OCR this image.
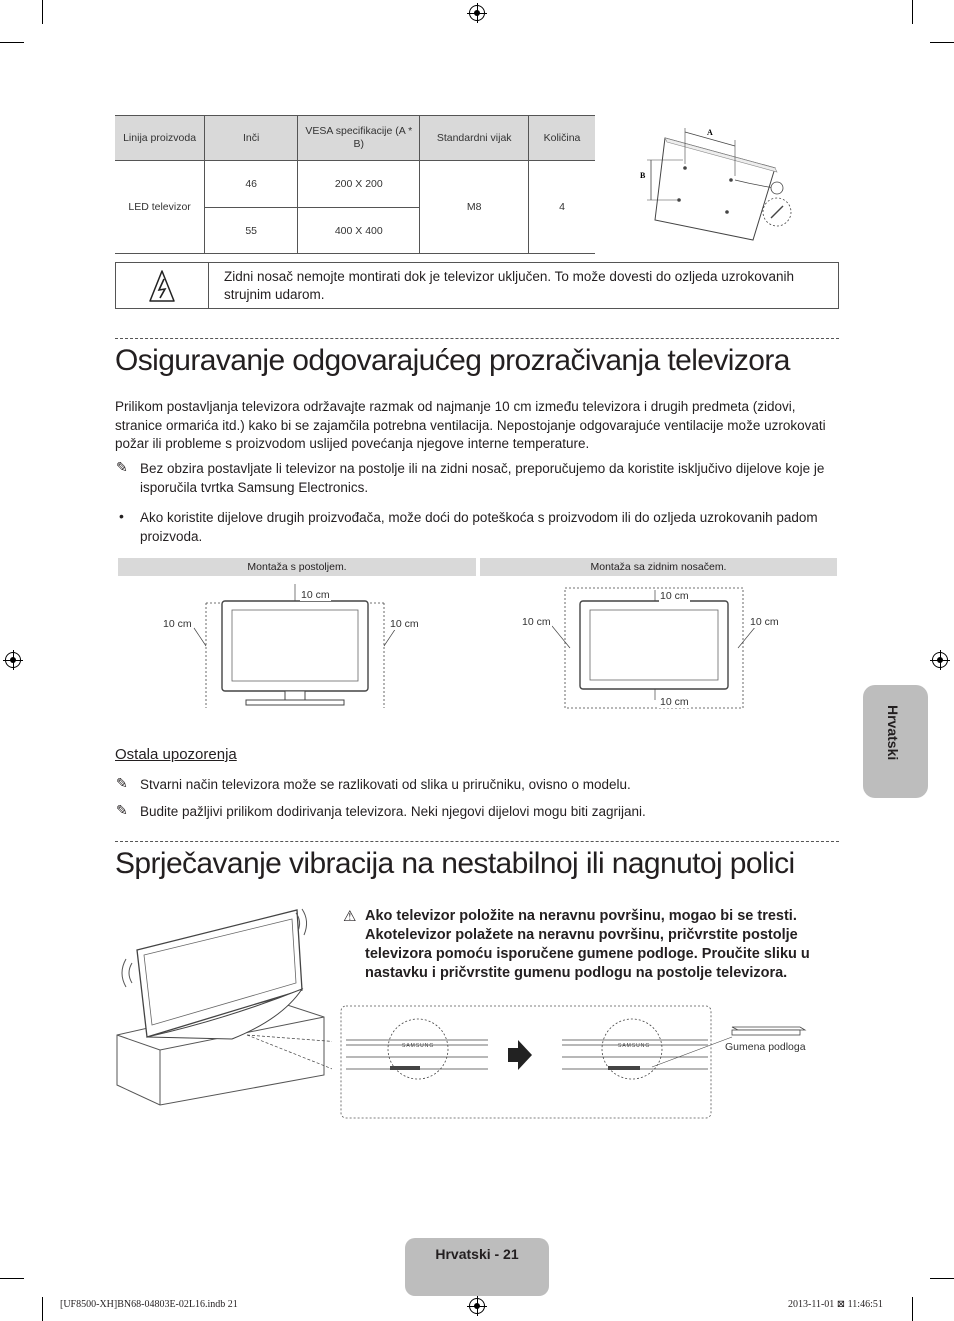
Linija proizvoda	Inči	VESA specifikacije (A * B)	Standardni vijak	Količina
LED televizor	46	200 X 200	M8	4
	55	400 X 400		
A
B
Zidni nosač nemojte montirati dok je televizor uključen. To može dovesti do ozljeda uzrokovanih strujnim udarom.
Osiguravanje odgovarajućeg prozračivanja televizora
Prilikom postavljanja televizora održavajte razmak od najmanje 10 cm između televizora i drugih predmeta (zidovi, stranice ormarića itd.) kako bi se zajamčila potrebna ventilacija. Nepostojanje odgovarajuće ventilacije može uzrokovati požar ili probleme s proizvodom uslijed povećanja njegove interne temperature.
✎ Bez obzira postavljate li televizor na postolje ili na zidni nosač, preporučujemo da koristite isključivo dijelove koje je isporučila tvrtka Samsung Electronics.
• Ako koristite dijelove drugih proizvođača, može doći do poteškoća s proizvodom ili do ozljeda uzrokovanih padom proizvoda.
Montaža s postoljem.	Montaža sa zidnim nosačem.
10 cm
10 cm	10 cm
10 cm
10 cm	10 cm
10 cm
Ostala upozorenja
✎ Stvarni način televizora može se razlikovati od slika u priručniku, ovisno o modelu.
✎ Budite pažljivi prilikom dodirivanja televizora. Neki njegovi dijelovi mogu biti zagrijani.
Sprječavanje vibracija na nestabilnoj ili nagnutoj polici
⚠ Ako televizor položite na neravnu površinu, mogao bi se tresti. Akotelevizor polažete na neravnu površinu, pričvrstite postolje televizora pomoću isporučene gumene podloge. Proučite sliku u nastavku i pričvrstite gumenu podlogu na postolje televizora.
SAMSUNG	SAMSUNG	Gumena podloga
Hrvatski
Hrvatski - 21
[UF8500-XH]BN68-04803E-02L16.indb 21	2013-11-01 ⊠ 11:46:51
